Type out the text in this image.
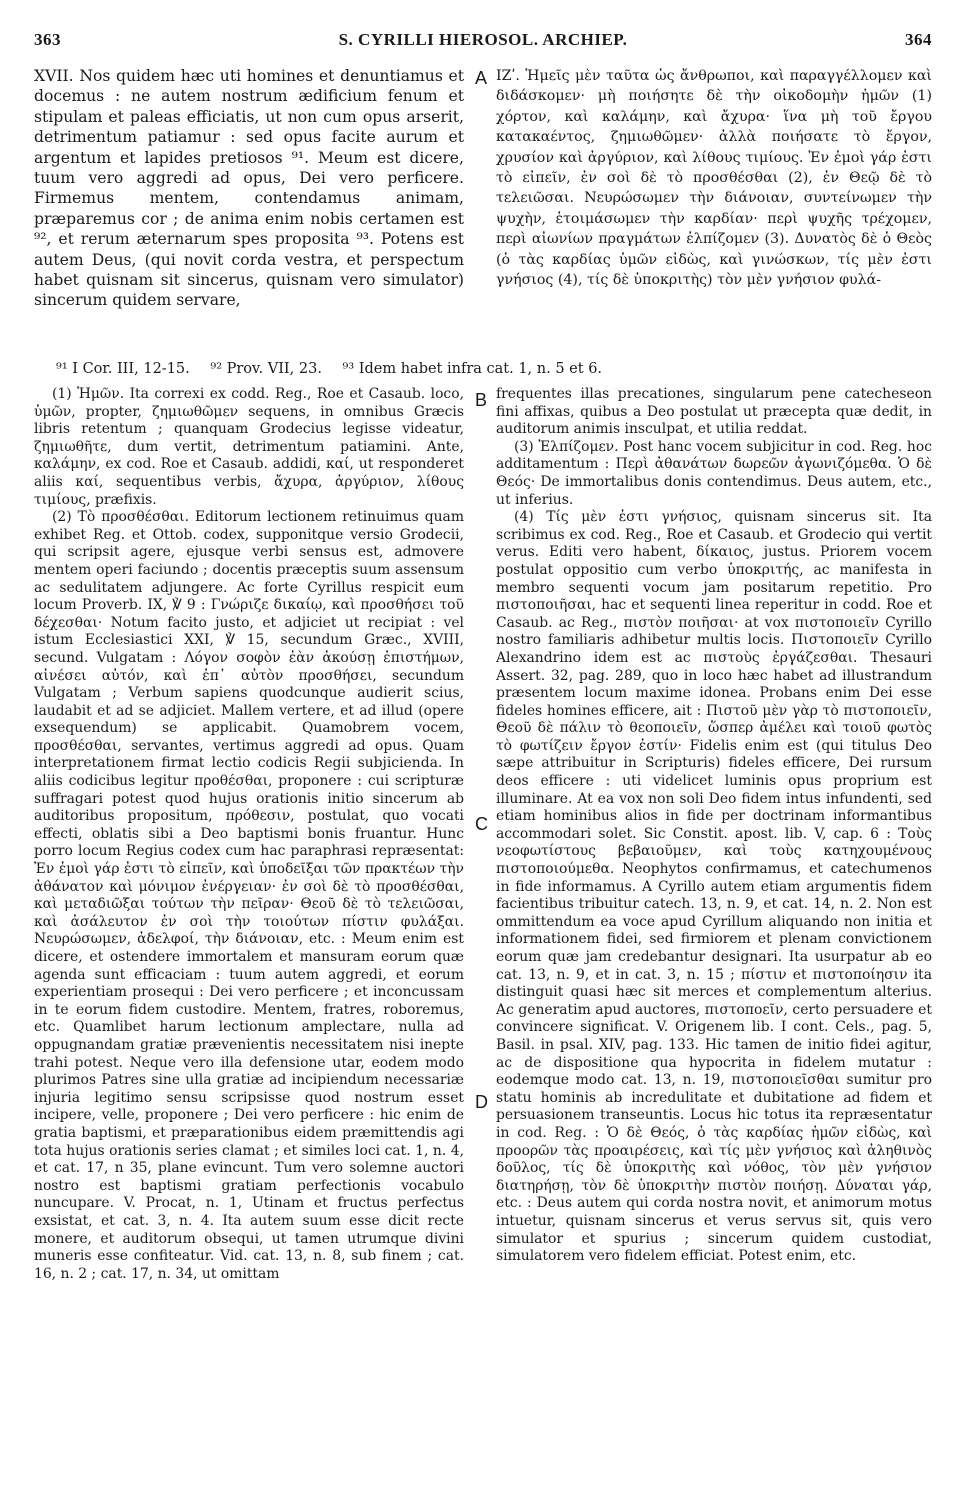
363	S. CYRILLI HIEROSOL. ARCHIEP.	364
XVII. Nos quidem hæc uti homines et denuntiamus et docemus : ne autem nostrum ædificium fenum et stipulam et paleas efficiatis, ut non cum opus arserit, detrimentum patiamur : sed opus facite aurum et argentum et lapides pretiosos ⁹¹. Meum est dicere, tuum vero aggredi ad opus, Dei vero perficere. Firmemus mentem, contendamus animam, præparemus cor ; de anima enim nobis certamen est ⁹², et rerum æternarum spes proposita ⁹³. Potens est autem Deus, (qui novit corda vestra, et perspectum habet quisnam sit sincerus, quisnam vero simulator) sincerum quidem servare,
A ΙΖʹ. Ἡμεῖς μὲν ταῦτα ὡς ἄνθρωποι, καὶ παραγγέλλομεν καὶ διδάσκομεν· μὴ ποιήσητε δὲ τὴν οἰκοδομὴν ἡμῶν (1) χόρτον, καὶ καλάμην, καὶ ἄχυρα· ἵνα μὴ τοῦ ἔργου κατακαέντος, ζημιωθῶμεν· ἀλλὰ ποιήσατε τὸ ἔργον, χρυσίον καὶ ἀργύριον, καὶ λίθους τιμίους. Ἐν ἐμοὶ γάρ ἐστι τὸ εἰπεῖν, ἐν σοὶ δὲ τὸ προσθέσθαι (2), ἐν Θεῷ δὲ τὸ τελειῶσαι. Νευρώσωμεν τὴν διάνοιαν, συντείνωμεν τὴν ψυχὴν, ἑτοιμάσωμεν τὴν καρδίαν· περὶ ψυχῆς τρέχομεν, περὶ αἰωνίων πραγμάτων ἐλπίζομεν (3). Δυνατὸς δὲ ὁ Θεὸς (ὁ τὰς καρδίας ὑμῶν εἰδὼς, καὶ γινώσκων, τίς μὲν ἐστι γνήσιος (4), τίς δὲ ὑποκριτὴς) τὸν μὲν γνήσιον φυλά-
⁹¹ I Cor. III, 12-15. ⁹² Prov. VII, 23. ⁹³ Idem habet infra cat. 1, n. 5 et 6.

(1) Ἡμῶν. Ita correxi ex codd. Reg., Roe et Casaub. loco, ὑμῶν, propter, ζημιωθῶμεν sequens, in omnibus Græcis libris retentum ; quanquam Grodecius legisse videatur, ζημιωθῆτε, dum vertit, detrimentum patiamini. Ante, καλάμην, ex cod. Roe et Casaub. addidi, καί, ut responderet aliis καί, sequentibus verbis, ἄχυρα, ἀργύριον, λίθους τιμίους, præfixis.

(2) Τὸ προσθέσθαι. Editorum lectionem retinuimus quam exhibet Reg. et Ottob. codex, supponitque versio Grodecii, qui scripsit agere, ejusque verbi sensus est, admovere mentem operi faciundo ; docentis præceptis suum assensum ac sedulitatem adjungere. Ac forte Cyrillus respicit eum locum Proverb. IX, ℣ 9 : Γνώριζε δικαίῳ, καὶ προσθήσει τοῦ δέχεσθαι· Notum facito justo, et adjiciet ut recipiat : vel istum Ecclesiastici XXI, ℣ 15, secundum Græc., XVIII, secund. Vulgatam : Λόγον σοφὸν ἐὰν ἀκούσῃ ἐπιστήμων, αἰνέσει αὐτόν, καὶ ἐπ᾽ αὐτὸν προσθήσει, secundum Vulgatam ; Verbum sapiens quodcunque audierit scius, laudabit et ad se adjiciet. Mallem vertere, et ad illud (opere exsequendum) se applicabit. Quamobrem vocem, προσθέσθαι, servantes, vertimus aggredi ad opus. Quam interpretationem firmat lectio codicis Regii subjicienda. In aliis codicibus legitur προθέσθαι, proponere : cui scripturæ suffragari potest quod hujus orationis initio sincerum ab auditoribus propositum, πρόθεσιν, postulat, quo vocati effecti, oblatis sibi a Deo baptismi bonis fruantur. Hunc porro locum Regius codex cum hac paraphrasi repræsentat: Ἐν ἐμοὶ γάρ ἐστι τὸ εἰπεῖν, καὶ ὑποδεῖξαι τῶν πρακτέων τὴν ἀθάνατον καὶ μόνιμον ἐνέργειαν· ἐν σοὶ δὲ τὸ προσθέσθαι, καὶ μεταδιῶξαι τούτων τὴν πεῖραν· Θεοῦ δὲ τὸ τελειῶσαι, καὶ ἀσάλευτον ἐν σοὶ τὴν τοιούτων πίστιν φυλάξαι. Νευρώσωμεν, ἀδελφοί, τὴν διάνοιαν, etc. : Meum enim est dicere, et ostendere immortalem et mansuram eorum quæ agenda sunt efficaciam : tuum autem aggredi, et eorum experientiam prosequi : Dei vero perficere ; et inconcussam in te eorum fidem custodire. Mentem, fratres, roboremus, etc. Quamlibet harum lectionum amplectare, nulla ad oppugnandam gratiæ prævenientis necessitatem nisi inepte trahi potest. Neque vero illa defensione utar, eodem modo plurimos Patres sine ulla gratiæ ad incipiendum necessariæ injuria legitimo sensu scripsisse quod nostrum esset incipere, velle, proponere ; Dei vero perficere : hic enim de gratia baptismi, et præparationibus eidem præmittendis agi tota hujus orationis series clamat ; et similes loci cat. 1, n. 4, et cat. 17, n 35, plane evincunt. Tum vero solemne auctori nostro est baptismi gratiam perfectionis vocabulo nuncupare. V. Procat, n. 1, Utinam et fructus perfectus exsistat, et cat. 3, n. 4. Ita autem suum esse dicit recte monere, et auditorum obsequi, ut tamen utrumque divini muneris esse confiteatur. Vid. cat. 13, n. 8, sub finem ; cat. 16, n. 2 ; cat. 17, n. 34, ut omittam

B
C
D

frequentes illas precationes, singularum pene catecheseon fini affixas, quibus a Deo postulat ut præcepta quæ dedit, in auditorum animis insculpat, et utilia reddat.

(3) Ἐλπίζομεν. Post hanc vocem subjicitur in cod. Reg. hoc additamentum : Περὶ ἀθανάτων δωρεῶν ἀγωνιζόμεθα. Ὁ δὲ Θεός· De immortalibus donis contendimus. Deus autem, etc., ut inferius.

(4) Τίς μὲν ἐστι γνήσιος, quisnam sincerus sit. Ita scribimus ex cod. Reg., Roe et Casaub. et Grodecio qui vertit verus. Editi vero habent, δίκαιος, justus. Priorem vocem postulat oppositio cum verbo ὑποκριτής, ac manifesta in membro sequenti vocum jam positarum repetitio. Pro πιστοποιῆσαι, hac et sequenti linea reperitur in codd. Roe et Casaub. ac Reg., πιστὸν ποιῆσαι· at vox πιστοποιεῖν Cyrillo nostro familiaris adhibetur multis locis. Πιστοποιεῖν Cyrillo Alexandrino idem est ac πιστοὺς ἐργάζεσθαι. Thesauri Assert. 32, pag. 289, quo in loco hæc habet ad illustrandum præsentem locum maxime idonea. Probans enim Dei esse fideles homines efficere, ait : Πιστοῦ μὲν γὰρ τὸ πιστοποιεῖν, Θεοῦ δὲ πάλιν τὸ θεοποιεῖν, ὥσπερ ἀμέλει καὶ τοιοῦ φωτὸς τὸ φωτίζειν ἔργον ἐστίν· Fidelis enim est (qui titulus Deo sæpe attribuitur in Scripturis) fideles efficere, Dei rursum deos efficere : uti videlicet luminis opus proprium est illuminare. At ea vox non soli Deo fidem intus infundenti, sed etiam hominibus alios in fide per doctrinam informantibus accommodari solet. Sic Constit. apost. lib. V, cap. 6 : Τοὺς νεοφωτίστους βεβαιοῦμεν, καὶ τοὺς κατηχουμένους πιστοποιούμεθα. Neophytos confirmamus, et catechumenos in fide informamus. A Cyrillo autem etiam argumentis fidem facientibus tribuitur catech. 13, n. 9, et cat. 14, n. 2. Non est ommittendum ea voce apud Cyrillum aliquando non initia et informationem fidei, sed firmiorem et plenam convictionem eorum quæ jam credebantur designari. Ita usurpatur ab eo cat. 13, n. 9, et in cat. 3, n. 15 ; πίστιν et πιστοποίησιν ita distinguit quasi hæc sit merces et complementum alterius. Ac generatim apud auctores, πιστοποεῖν, certo persuadere et convincere significat. V. Origenem lib. I cont. Cels., pag. 5, Basil. in psal. XIV, pag. 133. Hic tamen de initio fidei agitur, ac de dispositione qua hypocrita in fidelem mutatur : eodemque modo cat. 13, n. 19, πιστοποιεῖσθαι sumitur pro statu hominis ab incredulitate et dubitatione ad fidem et persuasionem transeuntis. Locus hic totus ita repræsentatur in cod. Reg. : Ὁ δὲ Θεός, ὁ τὰς καρδίας ἡμῶν εἰδὼς, καὶ προορῶν τὰς προαιρέσεις, καὶ τίς μὲν γνήσιος καὶ ἀληθινὸς δοῦλος, τίς δὲ ὑποκριτὴς καὶ νόθος, τὸν μὲν γνήσιον διατηρήσῃ, τὸν δὲ ὑποκριτὴν πιστὸν ποιήσῃ. Δύναται γάρ, etc. : Deus autem qui corda nostra novit, et animorum motus intuetur, quisnam sincerus et verus servus sit, quis vero simulator et spurius ; sincerum quidem custodiat, simulatorem vero fidelem efficiat. Potest enim, etc.
